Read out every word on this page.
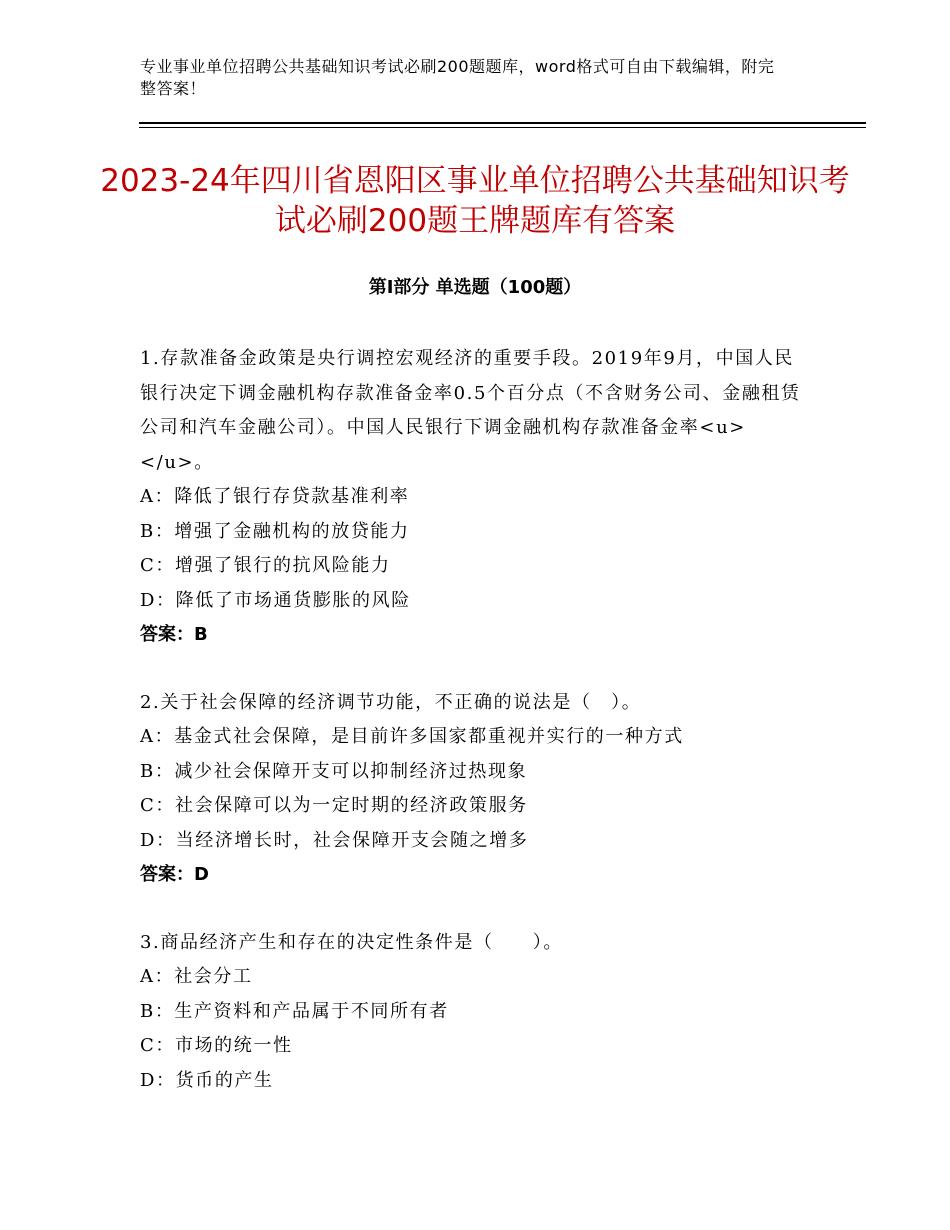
专业事业单位招聘公共基础知识考试必刷200题题库，word格式可自由下载编辑，附完整答案！
2023-24年四川省恩阳区事业单位招聘公共基础知识考试必刷200题王牌题库有答案
第Ⅰ部分 单选题（100题）
1.存款准备金政策是央行调控宏观经济的重要手段。2019年9月，中国人民银行决定下调金融机构存款准备金率0.5个百分点（不含财务公司、金融租赁公司和汽车金融公司）。中国人民银行下调金融机构存款准备金率<u> </u>。
A：降低了银行存贷款基准利率
B：增强了金融机构的放贷能力
C：增强了银行的抗风险能力
D：降低了市场通货膨胀的风险
答案：B
2.关于社会保障的经济调节功能，不正确的说法是（　）。
A：基金式社会保障，是目前许多国家都重视并实行的一种方式
B：减少社会保障开支可以抑制经济过热现象
C：社会保障可以为一定时期的经济政策服务
D：当经济增长时，社会保障开支会随之增多
答案：D
3.商品经济产生和存在的决定性条件是（　　）。
A：社会分工
B：生产资料和产品属于不同所有者
C：市场的统一性
D：货币的产生
